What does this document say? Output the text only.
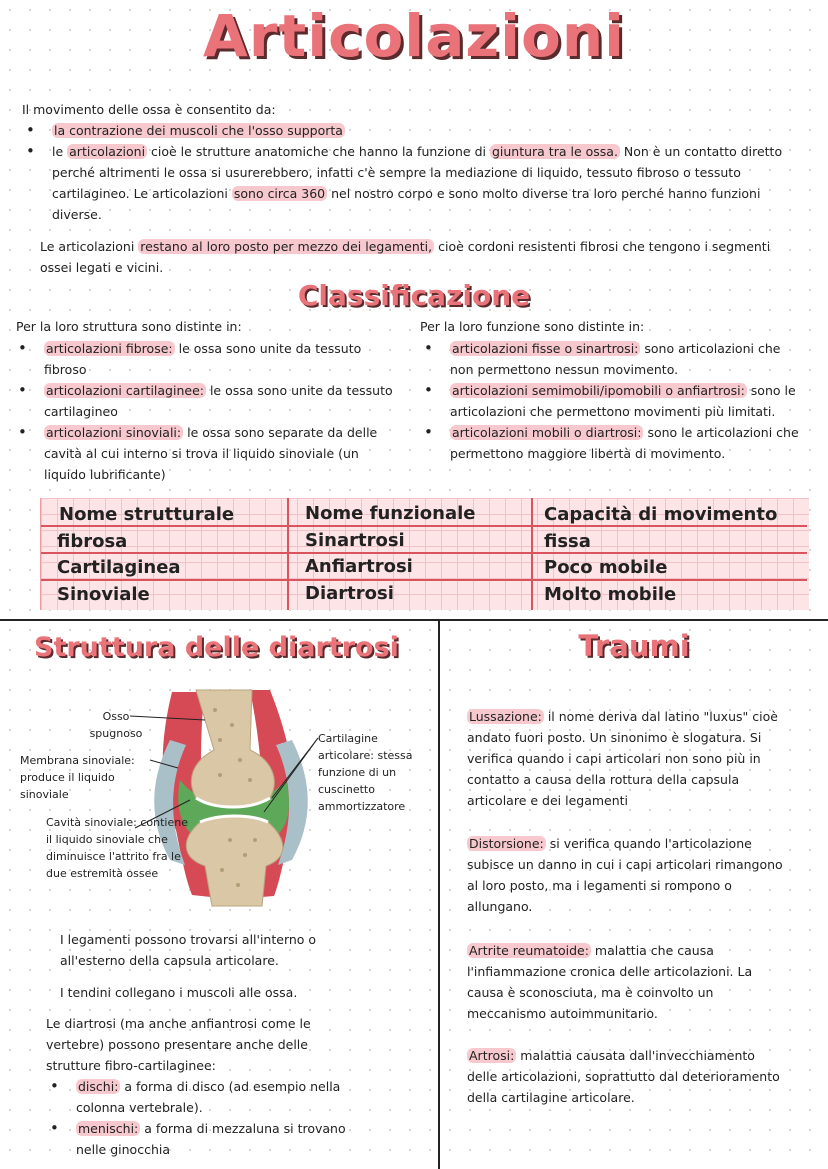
Articolazioni
Il movimento delle ossa è consentito da:
• la contrazione dei muscoli che l'osso supporta
• le articolazioni cioè le strutture anatomiche che hanno la funzione di giuntura tra le ossa. Non è un contatto diretto perché altrimenti le ossa si usurerebbero, infatti c'è sempre la mediazione di liquido, tessuto fibroso o tessuto cartilagineo. Le articolazioni sono circa 360 nel nostro corpo e sono molto diverse tra loro perché hanno funzioni diverse.
Le articolazioni restano al loro posto per mezzo dei legamenti, cioè cordoni resistenti fibrosi che tengono i segmenti ossei legati e vicini.
Classificazione
Per la loro struttura sono distinte in:
• articolazioni fibrose: le ossa sono unite da tessuto fibroso
• articolazioni cartilaginee: le ossa sono unite da tessuto cartilagineo
• articolazioni sinoviali: le ossa sono separate da delle cavità al cui interno si trova il liquido sinoviale (un liquido lubrificante)
Per la loro funzione sono distinte in:
• articolazioni fisse o sinartrosi: sono articolazioni che non permettono nessun movimento.
• articolazioni semimobili/ipomobili o anfiartrosi: sono le articolazioni che permettono movimenti più limitati.
• articolazioni mobili o diartrosi: sono le articolazioni che permettono maggiore libertà di movimento.
Nome strutturale	Nome funzionale	Capacità di movimento
fibrosa	Sinartrosi	fissa
Cartilaginea	Anfiartrosi	Poco mobile
Sinoviale	Diartrosi	Molto mobile
Struttura delle diartrosi
Osso spugnoso
Membrana sinoviale: produce il liquido sinoviale
Cavità sinoviale: contiene il liquido sinoviale che diminuisce l'attrito fra le due estremità ossee
Cartilagine articolare: stessa funzione di un cuscinetto ammortizzatore
I legamenti possono trovarsi all'interno o all'esterno della capsula articolare.
I tendini collegano i muscoli alle ossa.
Le diartrosi (ma anche anfiantrosi come le vertebre) possono presentare anche delle strutture fibro-cartilaginee:
• dischi: a forma di disco (ad esempio nella colonna vertebrale).
• menischi: a forma di mezzaluna si trovano nelle ginocchia
Traumi
Lussazione: il nome deriva dal latino "luxus" cioè andato fuori posto. Un sinonimo è slogatura. Si verifica quando i capi articolari non sono più in contatto a causa della rottura della capsula articolare e dei legamenti
Distorsione: si verifica quando l'articolazione subisce un danno in cui i capi articolari rimangono al loro posto, ma i legamenti si rompono o allungano.
Artrite reumatoide: malattia che causa l'infiammazione cronica delle articolazioni. La causa è sconosciuta, ma è coinvolto un meccanismo autoimmunitario.
Artrosi: malattia causata dall'invecchiamento delle articolazioni, soprattutto dal deterioramento della cartilagine articolare.
